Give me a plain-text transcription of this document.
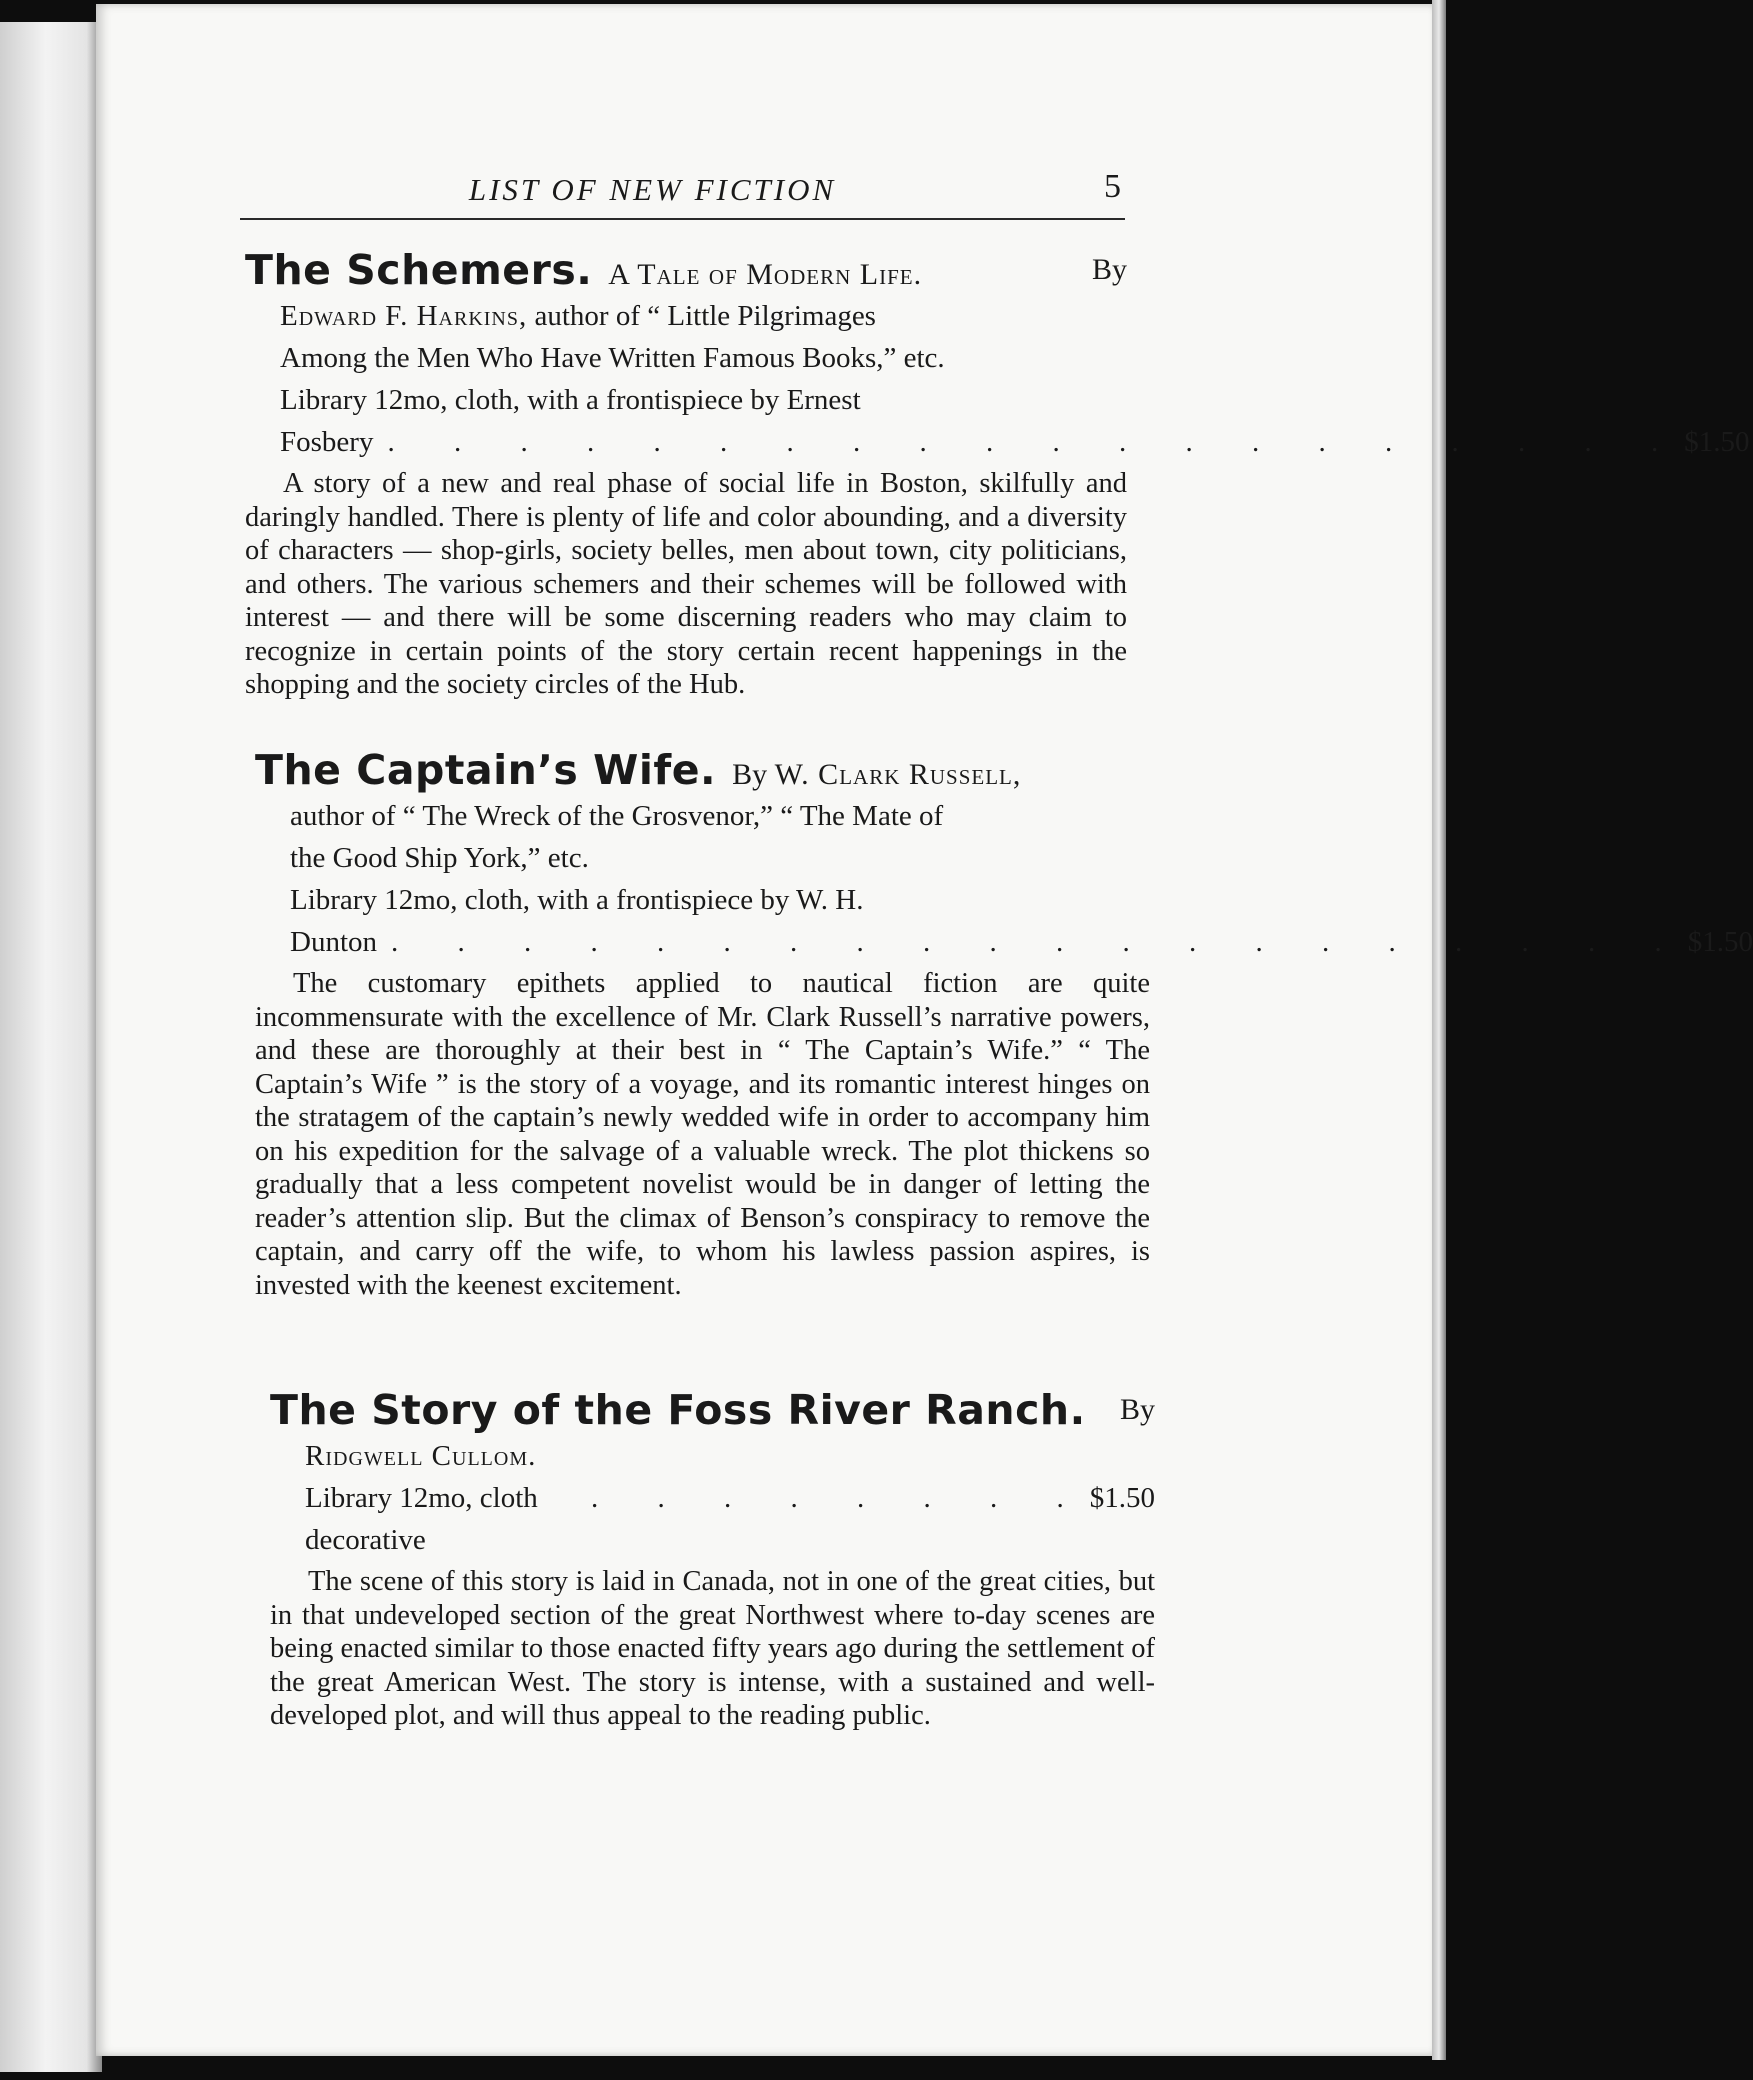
LIST OF NEW FICTION	5

The Schemers. A Tale of Modern Life.	By

Edward F. Harkins, author of “ Little Pilgrimages
Among the Men Who Have Written Famous Books,” etc.
Library 12mo, cloth, with a frontispiece by Ernest
Fosbery . . . . . . . . . . . . . . . . . . . . $1.50

A story of a new and real phase of social life in Boston, skilfully and daringly handled. There is plenty of life and color abounding, and a diversity of characters — shop-girls, society belles, men about town, city politicians, and others. The various schemers and their schemes will be followed with interest — and there will be some discerning readers who may claim to recognize in certain points of the story certain recent happenings in the shopping and the society circles of the Hub.

The Captain’s Wife. By W. Clark Russell,

author of “ The Wreck of the Grosvenor,” “ The Mate of
the Good Ship York,” etc.
Library 12mo, cloth, with a frontispiece by W. H.
Dunton . . . . . . . . . . . . . . . . . . . . $1.50

The customary epithets applied to nautical fiction are quite incommensurate with the excellence of Mr. Clark Russell’s narrative powers, and these are thoroughly at their best in “ The Captain’s Wife.” “ The Captain’s Wife ” is the story of a voyage, and its romantic interest hinges on the stratagem of the captain’s newly wedded wife in order to accompany him on his expedition for the salvage of a valuable wreck. The plot thickens so gradually that a less competent novelist would be in danger of letting the reader’s attention slip. But the climax of Benson’s conspiracy to remove the captain, and carry off the wife, to whom his lawless passion aspires, is invested with the keenest excitement.

The Story of the Foss River Ranch. By

Ridgwell Cullom.
Library 12mo, cloth decorative
. . . . . . . . $1.50

The scene of this story is laid in Canada, not in one of the great cities, but in that undeveloped section of the great Northwest where to-day scenes are being enacted similar to those enacted fifty years ago during the settlement of the great American West. The story is intense, with a sustained and welldeveloped plot, and will thus appeal to the reading public.
